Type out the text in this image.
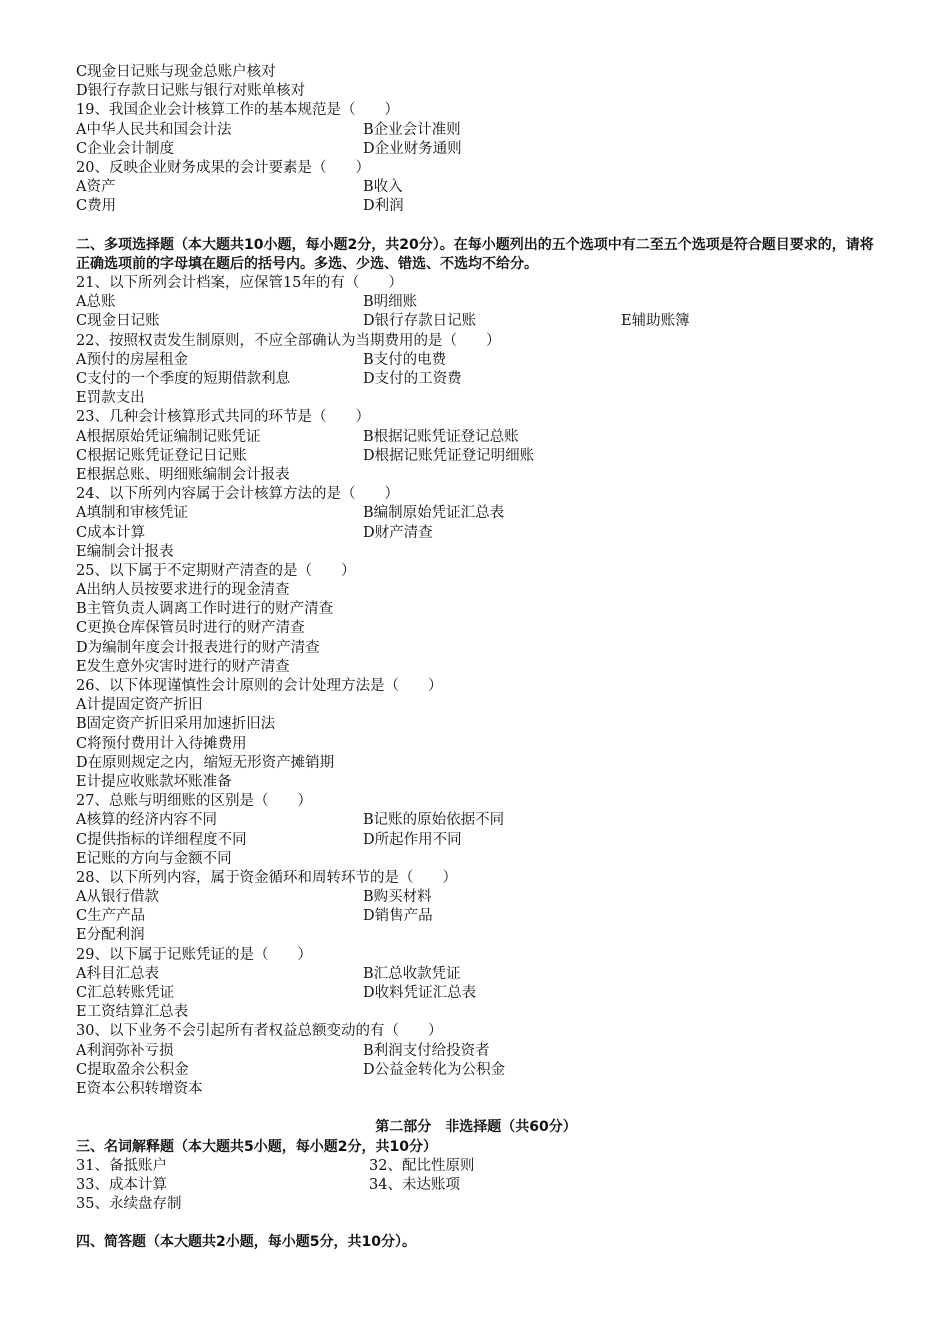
C现金日记账与现金总账户核对
D银行存款日记账与银行对账单核对
19、我国企业会计核算工作的基本规范是（　　）
A中华人民共和国会计法	B企业会计准则
C企业会计制度	D企业财务通则
20、反映企业财务成果的会计要素是（　　）
A资产	B收入
C费用	D利润
二、多项选择题（本大题共10小题，每小题2分，共20分）。在每小题列出的五个选项中有二至五个选项是符合题目要求的，请将正确选项前的字母填在题后的括号内。多选、少选、错选、不选均不给分。
21、以下所列会计档案，应保管15年的有（　　）
A总账	B明细账
C现金日记账	D银行存款日记账	E辅助账簿
22、按照权责发生制原则，不应全部确认为当期费用的是（　　）
A预付的房屋租金	B支付的电费
C支付的一个季度的短期借款利息	D支付的工资费
E罚款支出
23、几种会计核算形式共同的环节是（　　）
A根据原始凭证编制记账凭证	B根据记账凭证登记总账
C根据记账凭证登记日记账	D根据记账凭证登记明细账
E根据总账、明细账编制会计报表
24、以下所列内容属于会计核算方法的是（　　）
A填制和审核凭证	B编制原始凭证汇总表
C成本计算	D财产清查
E编制会计报表
25、以下属于不定期财产清查的是（　　）
A出纳人员按要求进行的现金清查
B主管负责人调离工作时进行的财产清查
C更换仓库保管员时进行的财产清查
D为编制年度会计报表进行的财产清查
E发生意外灾害时进行的财产清查
26、以下体现谨慎性会计原则的会计处理方法是（　　）
A计提固定资产折旧
B固定资产折旧采用加速折旧法
C将预付费用计入待摊费用
D在原则规定之内，缩短无形资产摊销期
E计提应收账款坏账准备
27、总账与明细账的区别是（　　）
A核算的经济内容不同	B记账的原始依据不同
C提供指标的详细程度不同	D所起作用不同
E记账的方向与金额不同
28、以下所列内容，属于资金循环和周转环节的是（　　）
A从银行借款	B购买材料
C生产产品	D销售产品
E分配利润
29、以下属于记账凭证的是（　　）
A科目汇总表	B汇总收款凭证
C汇总转账凭证	D收料凭证汇总表
E工资结算汇总表
30、以下业务不会引起所有者权益总额变动的有（　　）
A利润弥补亏损	B利润支付给投资者
C提取盈余公积金	D公益金转化为公积金
E资本公积转增资本
第二部分　非选择题（共60分）
三、名词解释题（本大题共5小题，每小题2分，共10分）
31、备抵账户	32、配比性原则
33、成本计算	34、未达账项
35、永续盘存制
四、简答题（本大题共2小题，每小题5分，共10分）。
